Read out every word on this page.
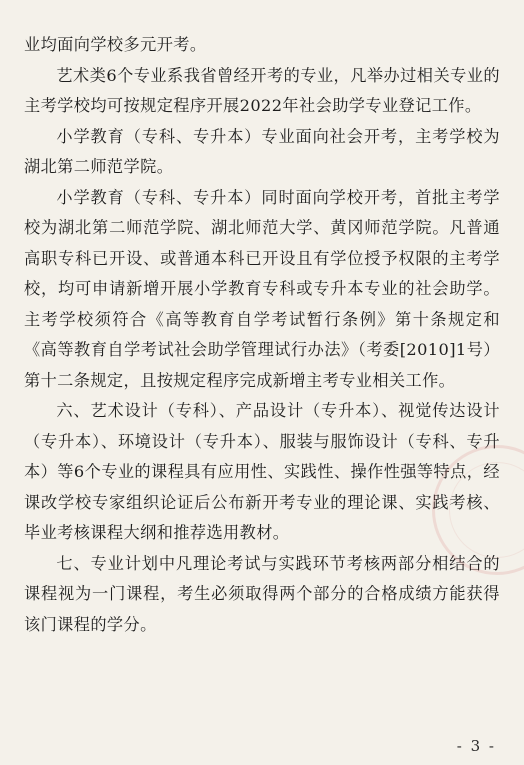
业均面向学校多元开考。

艺术类6个专业系我省曾经开考的专业，凡举办过相关专业的主考学校均可按规定程序开展2022年社会助学专业登记工作。

小学教育（专科、专升本）专业面向社会开考，主考学校为湖北第二师范学院。

小学教育（专科、专升本）同时面向学校开考，首批主考学校为湖北第二师范学院、湖北师范大学、黄冈师范学院。凡普通高职专科已开设、或普通本科已开设且有学位授予权限的主考学校，均可申请新增开展小学教育专科或专升本专业的社会助学。主考学校须符合《高等教育自学考试暂行条例》第十条规定和《高等教育自学考试社会助学管理试行办法》（考委[2010]1号）第十二条规定，且按规定程序完成新增主考专业相关工作。

六、艺术设计（专科）、产品设计（专升本）、视觉传达设计（专升本）、环境设计（专升本）、服装与服饰设计（专科、专升本）等6个专业的课程具有应用性、实践性、操作性强等特点，经课改学校专家组织论证后公布新开考专业的理论课、实践考核、毕业考核课程大纲和推荐选用教材。

七、专业计划中凡理论考试与实践环节考核两部分相结合的课程视为一门课程，考生必须取得两个部分的合格成绩方能获得该门课程的学分。

- 3 -
